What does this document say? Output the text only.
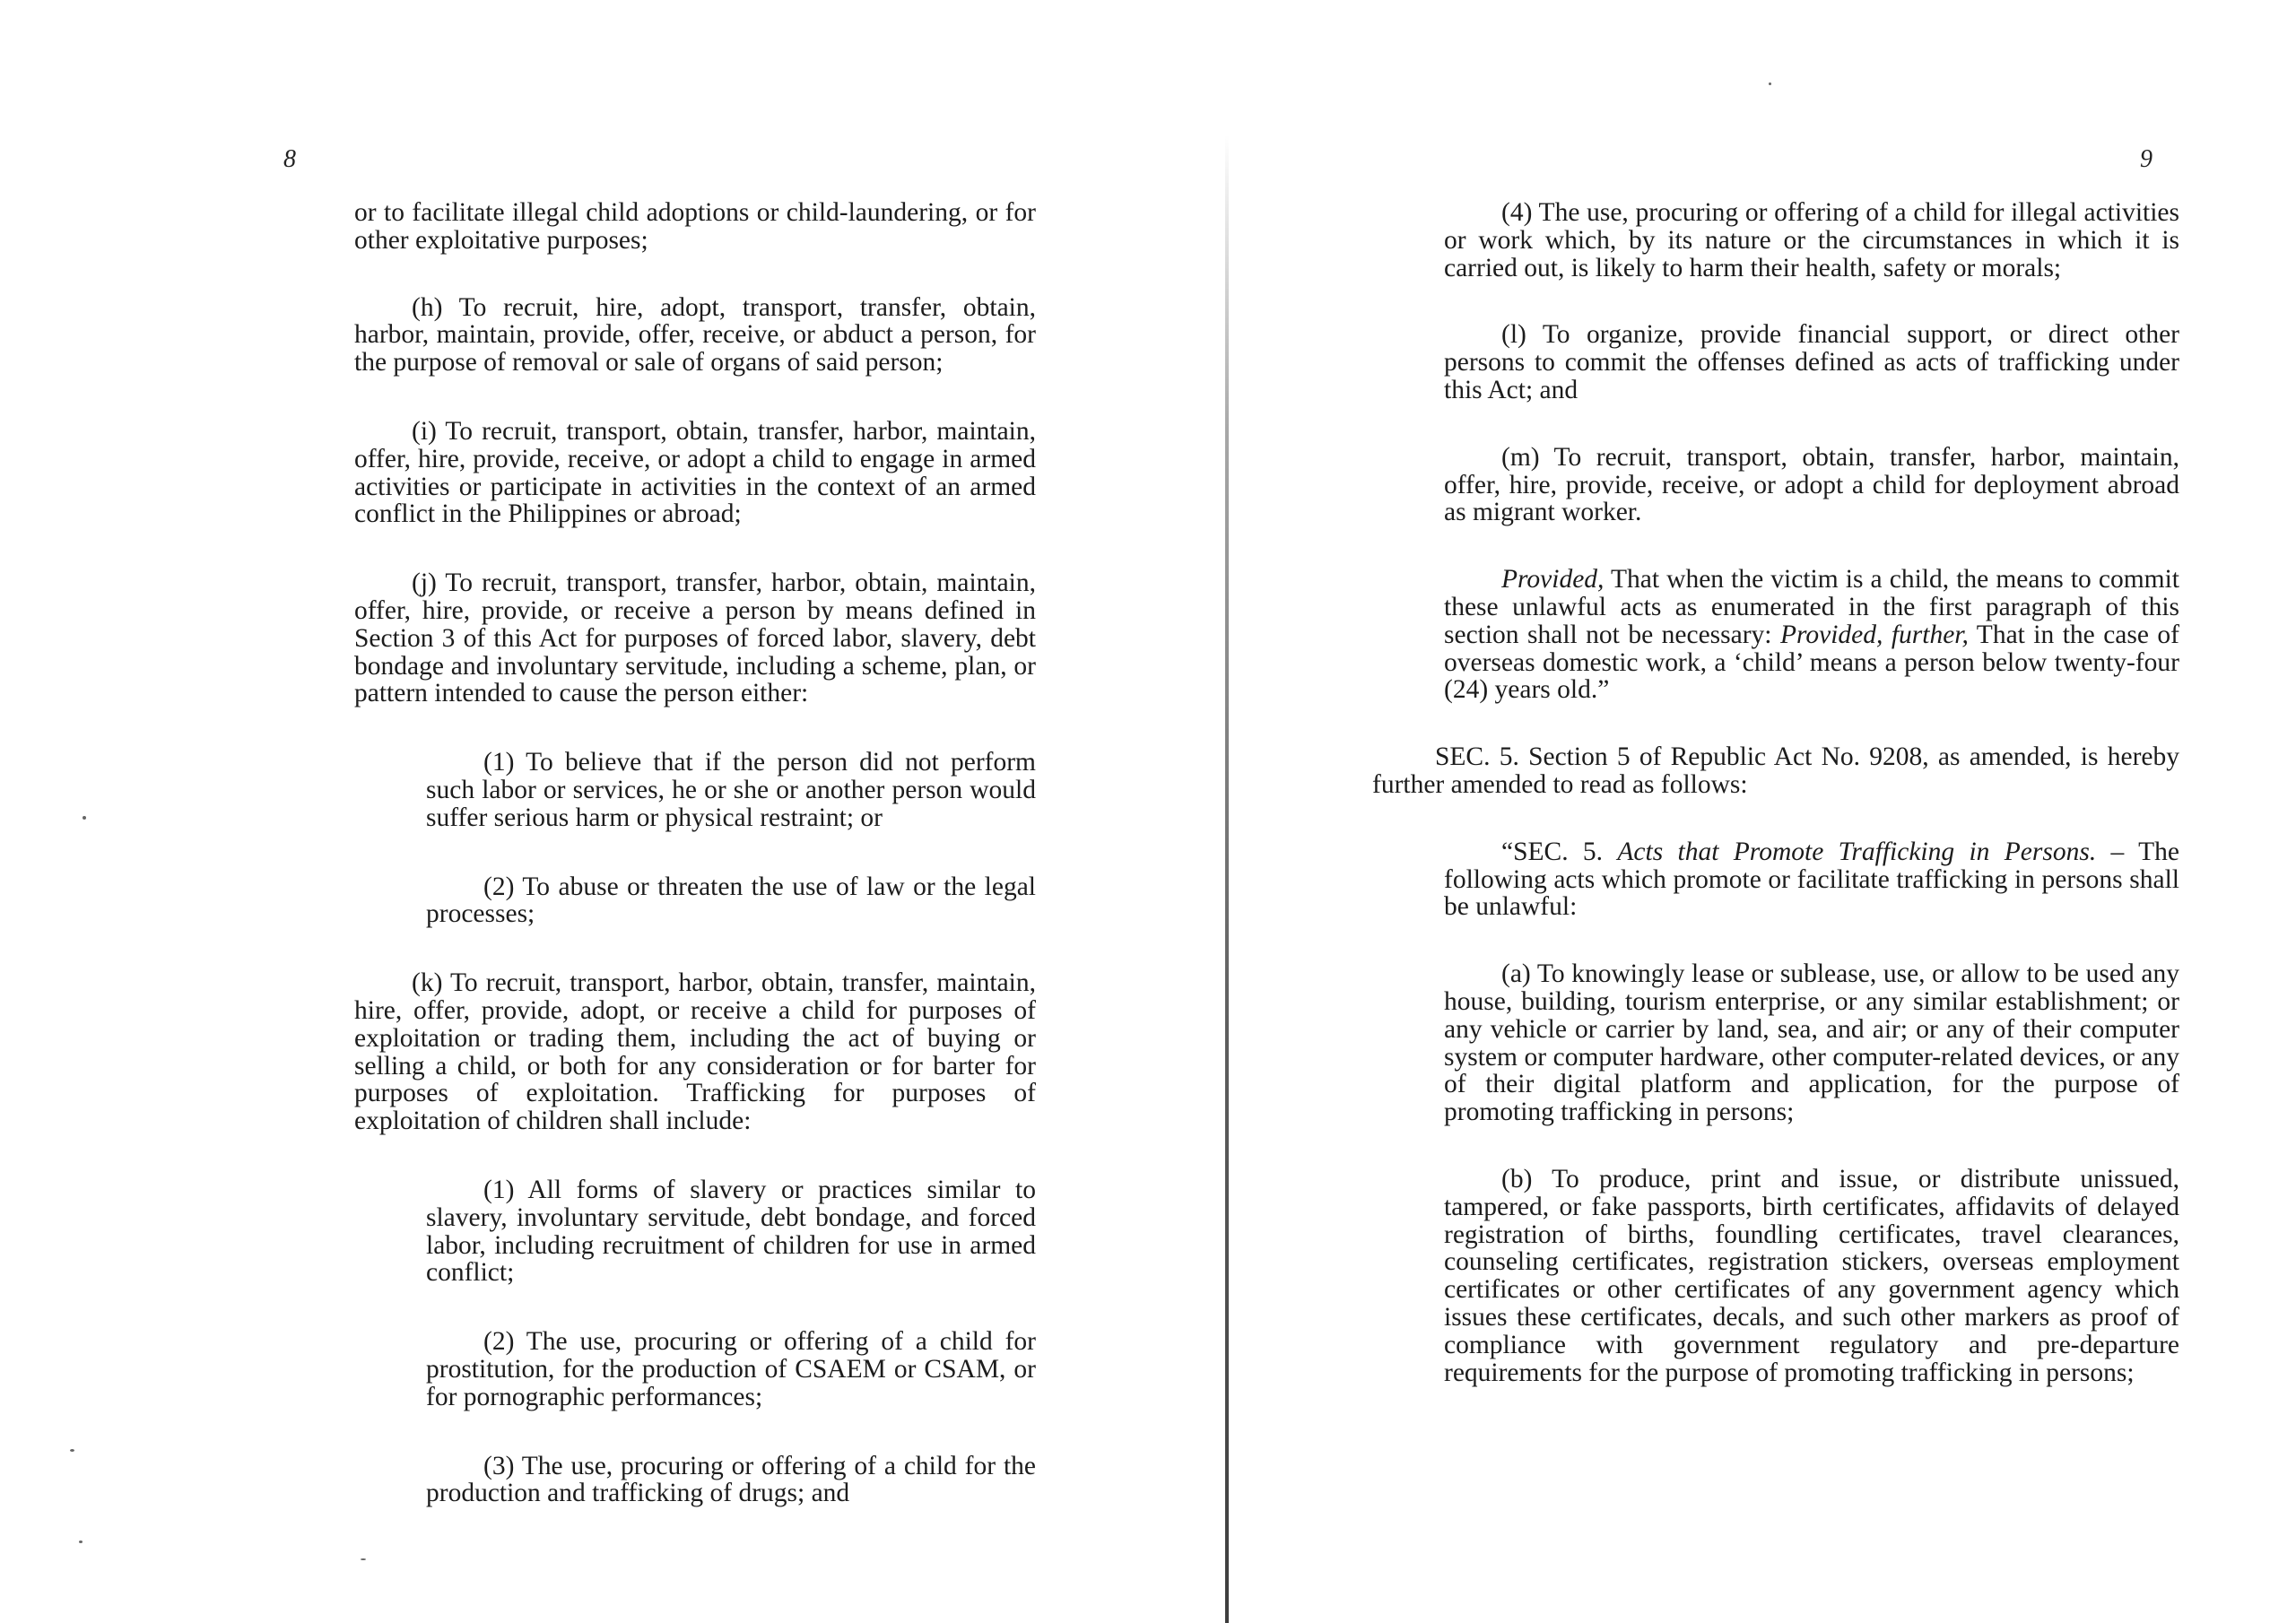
8

or to facilitate illegal child adoptions or child-laundering, or for other exploitative purposes;

(h) To recruit, hire, adopt, transport, transfer, obtain, harbor, maintain, provide, offer, receive, or abduct a person, for the purpose of removal or sale of organs of said person;

(i) To recruit, transport, obtain, transfer, harbor, maintain, offer, hire, provide, receive, or adopt a child to engage in armed activities or participate in activities in the context of an armed conflict in the Philippines or abroad;

(j) To recruit, transport, transfer, harbor, obtain, maintain, offer, hire, provide, or receive a person by means defined in Section 3 of this Act for purposes of forced labor, slavery, debt bondage and involuntary servitude, including a scheme, plan, or pattern intended to cause the person either:

(1) To believe that if the person did not perform such labor or services, he or she or another person would suffer serious harm or physical restraint; or

(2) To abuse or threaten the use of law or the legal processes;

(k) To recruit, transport, harbor, obtain, transfer, maintain, hire, offer, provide, adopt, or receive a child for purposes of exploitation or trading them, including the act of buying or selling a child, or both for any consideration or for barter for purposes of exploitation. Trafficking for purposes of exploitation of children shall include:

(1) All forms of slavery or practices similar to slavery, involuntary servitude, debt bondage, and forced labor, including recruitment of children for use in armed conflict;

(2) The use, procuring or offering of a child for prostitution, for the production of CSAEM or CSAM, or for pornographic performances;

(3) The use, procuring or offering of a child for the production and trafficking of drugs; and

9

(4) The use, procuring or offering of a child for illegal activities or work which, by its nature or the circumstances in which it is carried out, is likely to harm their health, safety or morals;

(l) To organize, provide financial support, or direct other persons to commit the offenses defined as acts of trafficking under this Act; and

(m) To recruit, transport, obtain, transfer, harbor, maintain, offer, hire, provide, receive, or adopt a child for deployment abroad as migrant worker.

Provided, That when the victim is a child, the means to commit these unlawful acts as enumerated in the first paragraph of this section shall not be necessary: Provided, further, That in the case of overseas domestic work, a ‘child’ means a person below twenty-four (24) years old.”

SEC. 5. Section 5 of Republic Act No. 9208, as amended, is hereby further amended to read as follows:

“SEC. 5. Acts that Promote Trafficking in Persons. – The following acts which promote or facilitate trafficking in persons shall be unlawful:

(a) To knowingly lease or sublease, use, or allow to be used any house, building, tourism enterprise, or any similar establishment; or any vehicle or carrier by land, sea, and air; or any of their computer system or computer hardware, other computer-related devices, or any of their digital platform and application, for the purpose of promoting trafficking in persons;

(b) To produce, print and issue, or distribute unissued, tampered, or fake passports, birth certificates, affidavits of delayed registration of births, foundling certificates, travel clearances, counseling certificates, registration stickers, overseas employment certificates or other certificates of any government agency which issues these certificates, decals, and such other markers as proof of compliance with government regulatory and pre-departure requirements for the purpose of promoting trafficking in persons;
